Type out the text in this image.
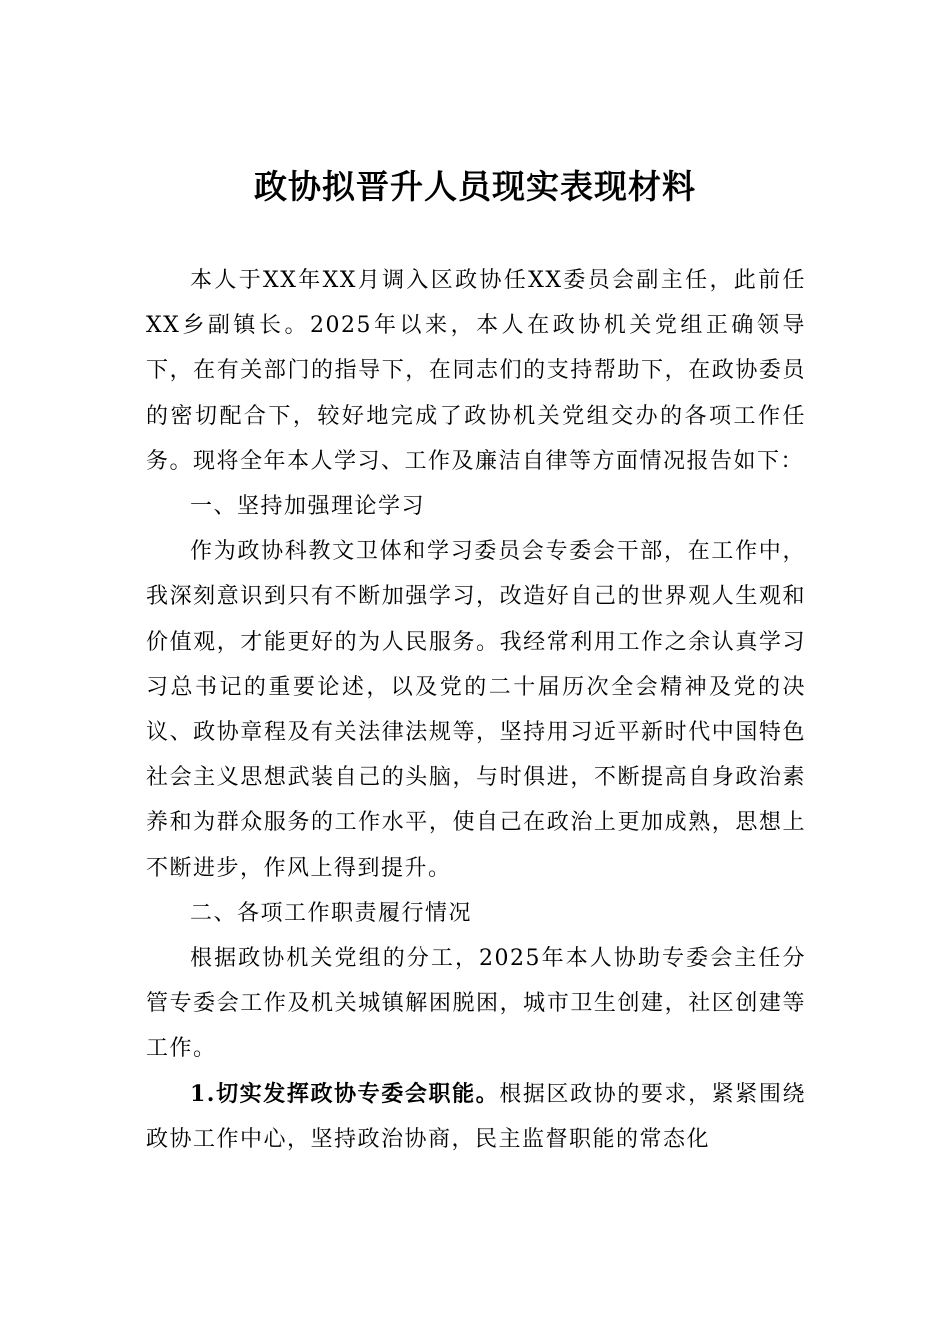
政协拟晋升人员现实表现材料

本人于XX年XX月调入区政协任XX委员会副主任，此前任XX乡副镇长。2025年以来，本人在政协机关党组正确领导下，在有关部门的指导下，在同志们的支持帮助下，在政协委员的密切配合下，较好地完成了政协机关党组交办的各项工作任务。现将全年本人学习、工作及廉洁自律等方面情况报告如下：

一、坚持加强理论学习

作为政协科教文卫体和学习委员会专委会干部，在工作中，我深刻意识到只有不断加强学习，改造好自己的世界观人生观和价值观，才能更好的为人民服务。我经常利用工作之余认真学习习总书记的重要论述，以及党的二十届历次全会精神及党的决议、政协章程及有关法律法规等，坚持用习近平新时代中国特色社会主义思想武装自己的头脑，与时俱进，不断提高自身政治素养和为群众服务的工作水平，使自己在政治上更加成熟，思想上不断进步，作风上得到提升。

二、各项工作职责履行情况

根据政协机关党组的分工，2025年本人协助专委会主任分管专委会工作及机关城镇解困脱困，城市卫生创建，社区创建等工作。

1.切实发挥政协专委会职能。根据区政协的要求，紧紧围绕政协工作中心，坚持政治协商，民主监督职能的常态化
